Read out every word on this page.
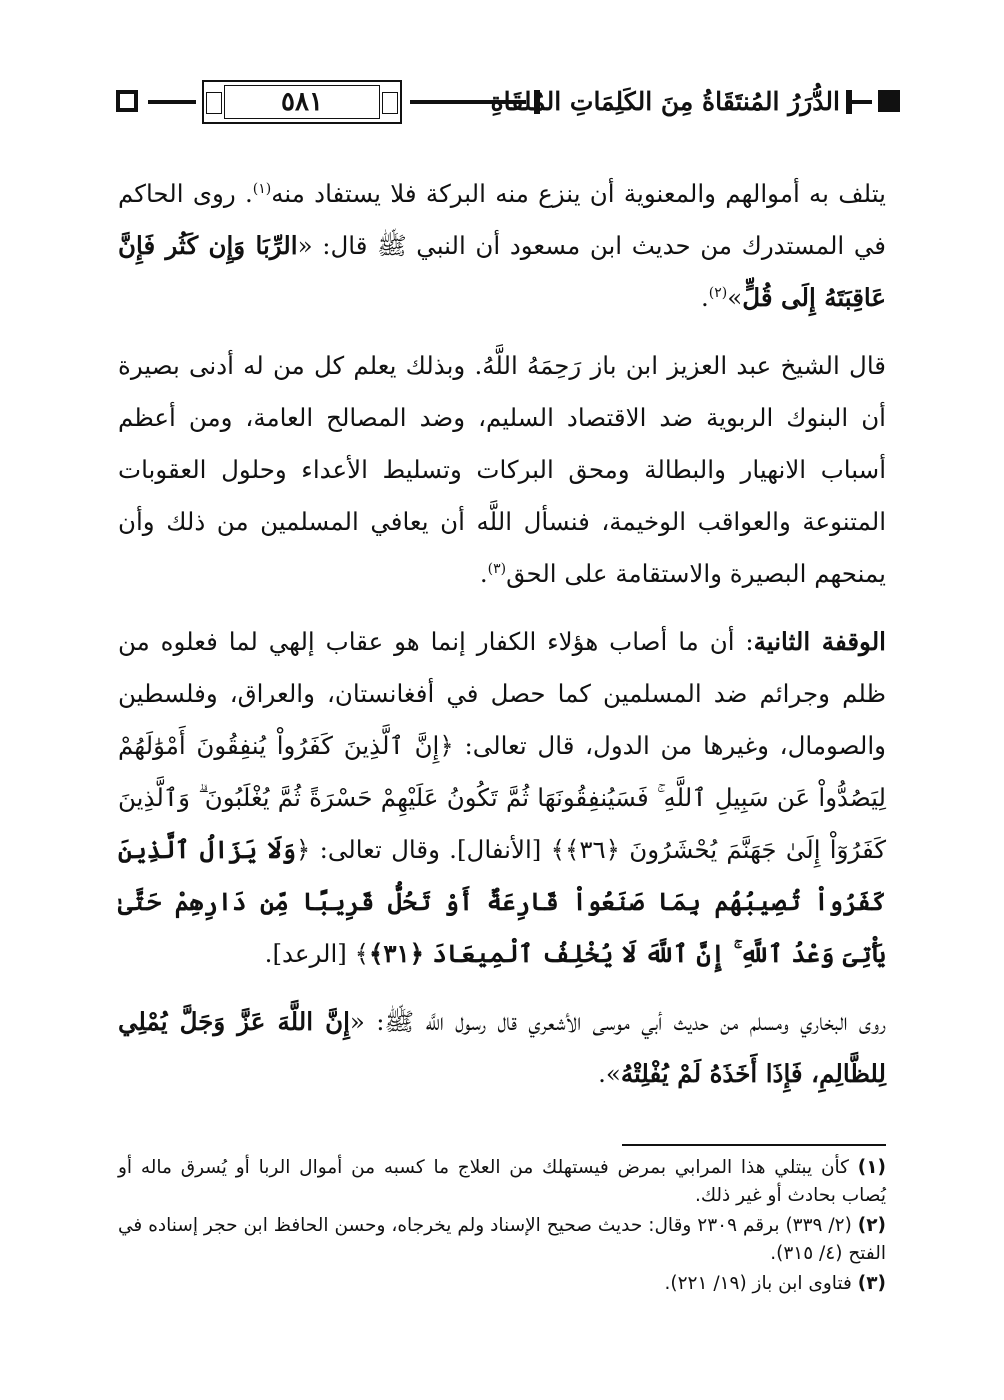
٥٨١	الدُّرَرُ المُنتَقَاةُ مِنَ الكَلِمَاتِ المُلقَاةِ

يتلف به أموالهم والمعنوية أن ينزع منه البركة فلا يستفاد منه$^{(١)}$. روى الحاكم في المستدرك من حديث ابن مسعود أن النبي ﷺ قال: «الرِّبَا وَإِن كَثُر فَإِنَّ عَاقِبَتَهُ إِلَى قُلٍّ»$^{(٢)}$.

قال الشيخ عبد العزيز ابن باز رَحِمَهُ اللَّهُ. وبذلك يعلم كل من له أدنى بصيرة أن البنوك الربوية ضد الاقتصاد السليم، وضد المصالح العامة، ومن أعظم أسباب الانهيار والبطالة ومحق البركات وتسليط الأعداء وحلول العقوبات المتنوعة والعواقب الوخيمة، فنسأل اللَّه أن يعافي المسلمين من ذلك وأن يمنحهم البصيرة والاستقامة على الحق$^{(٣)}$.

الوقفة الثانية: أن ما أصاب هؤلاء الكفار إنما هو عقاب إلهي لما فعلوه من ظلم وجرائم ضد المسلمين كما حصل في أفغانستان، والعراق، وفلسطين والصومال، وغيرها من الدول، قال تعالى: ﴿إِنَّ ٱلَّذِينَ كَفَرُواْ يُنفِقُونَ أَمْوَٰلَهُمْ لِيَصُدُّواْ عَن سَبِيلِ ٱللَّهِ ۚ فَسَيُنفِقُونَهَا ثُمَّ تَكُونُ عَلَيْهِمْ حَسْرَةً ثُمَّ يُغْلَبُونَ ۗ وَٱلَّذِينَ كَفَرُوٓاْ إِلَىٰ جَهَنَّمَ يُحْشَرُونَ ﴿٣٦﴾﴾ [الأنفال]. وقال تعالى: ﴿وَلَا يَزَالُ ٱلَّذِينَ كَفَرُواْ تُصِيبُهُم بِمَا صَنَعُواْ قَارِعَةٌ أَوْ تَحُلُّ قَرِيبًا مِّن دَارِهِمْ حَتَّىٰ يَأْتِىَ وَعْدُ ٱللَّهِ ۚ إِنَّ ٱللَّهَ لَا يُخْلِفُ ٱلْمِيعَادَ ﴿٣١﴾﴾ [الرعد].

روى البخاري ومسلم من حديث أبي موسى الأشعري قال رسول اللَّه ﷺ: «إِنَّ اللَّهَ عَزَّ وَجَلَّ يُمْلِي لِلظَّالِمِ، فَإِذَا أَخَذَهُ لَمْ يُفْلِتْهُ».

(١) كأن يبتلي هذا المرابي بمرض فيستهلك من العلاج ما كسبه من أموال الربا أو يُسرق ماله أو يُصاب بحادث أو غير ذلك.
(٢) (٢/ ٣٣٩) برقم ٢٣٠٩ وقال: حديث صحيح الإسناد ولم يخرجاه، وحسن الحافظ ابن حجر إسناده في الفتح (٤/ ٣١٥).
(٣) فتاوى ابن باز (١٩/ ٢٢١).
